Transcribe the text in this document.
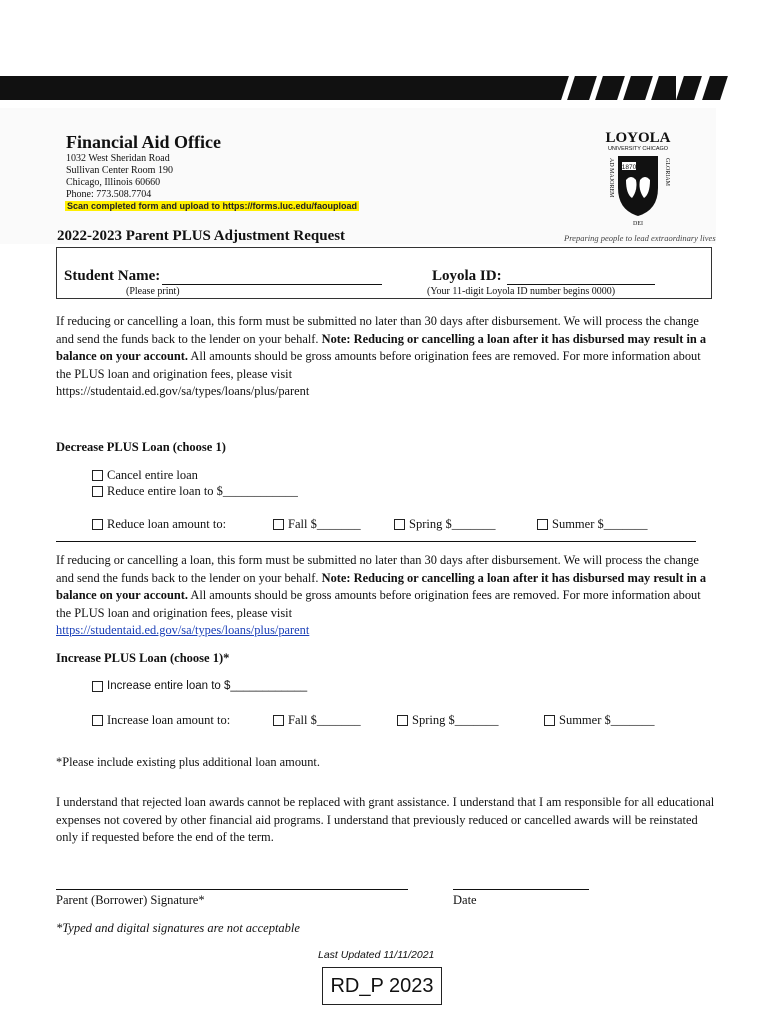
Financial Aid Office
1032 West Sheridan Road
Sullivan Center Room 190
Chicago, Illinois 60660
Phone: 773.508.7704
Scan completed form and upload to https://forms.luc.edu/faoupload
LOYOLA
UNIVERSITY CHICAGO
1870
AD MAJOREM
DEI
GLORIAM
2022-2023 Parent PLUS Adjustment Request	Preparing people to lead extraordinary lives
Student Name:
(Please print)
Loyola ID:
(Your 11-digit Loyola ID number begins 0000)
If reducing or cancelling a loan, this form must be submitted no later than 30 days after disbursement. We will process the change and send the funds back to the lender on your behalf. Note: Reducing or cancelling a loan after it has disbursed may result in a balance on your account. All amounts should be gross amounts before origination fees are removed. For more information about the PLUS loan and origination fees, please visit
https://studentaid.ed.gov/sa/types/loans/plus/parent
Decrease PLUS Loan (choose 1)
Cancel entire loan
Reduce entire loan to $____________
Reduce loan amount to:	Fall $_______	Spring $_______	Summer $_______
If reducing or cancelling a loan, this form must be submitted no later than 30 days after disbursement. We will process the change and send the funds back to the lender on your behalf. Note: Reducing or cancelling a loan after it has disbursed may result in a balance on your account. All amounts should be gross amounts before origination fees are removed. For more information about the PLUS loan and origination fees, please visit
https://studentaid.ed.gov/sa/types/loans/plus/parent
Increase PLUS Loan (choose 1)*
Increase entire loan to $____________
Increase loan amount to:	Fall $_______	Spring $_______	Summer $_______
*Please include existing plus additional loan amount.
I understand that rejected loan awards cannot be replaced with grant assistance. I understand that I am responsible for all educational expenses not covered by other financial aid programs. I understand that previously reduced or cancelled awards will be reinstated only if requested before the end of the term.
Parent (Borrower) Signature*	Date
*Typed and digital signatures are not acceptable
Last Updated 11/11/2021
RD_P 2023
